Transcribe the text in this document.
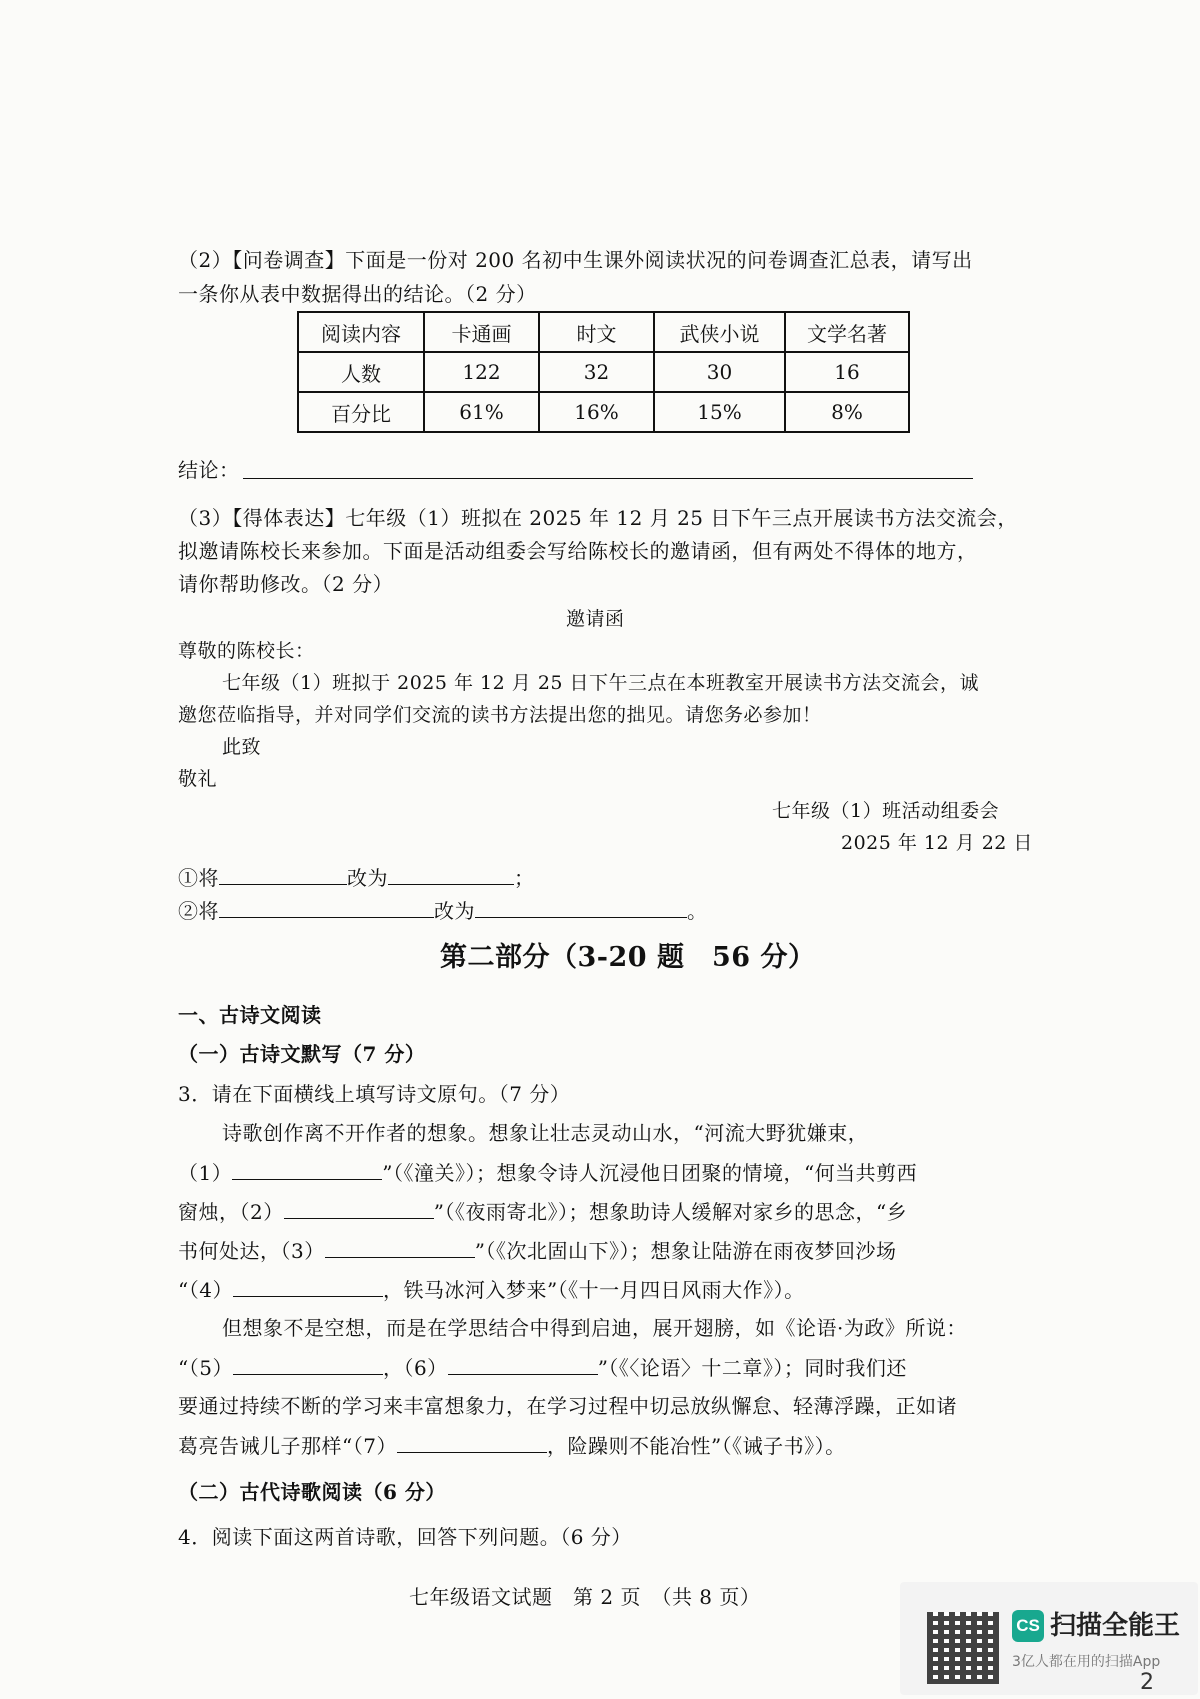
（2）【问卷调查】下面是一份对 200 名初中生课外阅读状况的问卷调查汇总表，请写出
一条你从表中数据得出的结论。（2 分）
阅读内容	卡通画	时文	武侠小说	文学名著
人数	122	32	30	16
百分比	61%	16%	15%	8%
结论：
（3）【得体表达】七年级（1）班拟在 2025 年 12 月 25 日下午三点开展读书方法交流会，
拟邀请陈校长来参加。下面是活动组委会写给陈校长的邀请函，但有两处不得体的地方，
请你帮助修改。（2 分）
邀请函
尊敬的陈校长：
七年级（1）班拟于 2025 年 12 月 25 日下午三点在本班教室开展读书方法交流会，诚
邀您莅临指导，并对同学们交流的读书方法提出您的拙见。请您务必参加！
此致
敬礼
七年级（1）班活动组委会
2025 年 12 月 22 日
①将	改为	；
②将	改为	。
第二部分（3-20 题　56 分）
一、古诗文阅读
（一）古诗文默写（7 分）
3．请在下面横线上填写诗文原句。（7 分）
诗歌创作离不开作者的想象。想象让壮志灵动山水，“河流大野犹嫌束，
（1）	”（《潼关》）；想象令诗人沉浸他日团聚的情境，“何当共剪西
窗烛，（2）	”（《夜雨寄北》）；想象助诗人缓解对家乡的思念，“乡
书何处达，（3）	”（《次北固山下》）；想象让陆游在雨夜梦回沙场
“（4）	，铁马冰河入梦来”（《十一月四日风雨大作》）。
但想象不是空想，而是在学思结合中得到启迪，展开翅膀，如《论语·为政》所说：
“（5）	，（6）	”（《〈论语〉十二章》）；同时我们还
要通过持续不断的学习来丰富想象力，在学习过程中切忌放纵懈怠、轻薄浮躁，正如诸
葛亮告诫儿子那样“（7）	，险躁则不能冶性”（《诫子书》）。
（二）古代诗歌阅读（6 分）
4．阅读下面这两首诗歌，回答下列问题。（6 分）
七年级语文试题　第 2 页　（共 8 页）
CS 扫描全能王
3亿人都在用的扫描App
2
